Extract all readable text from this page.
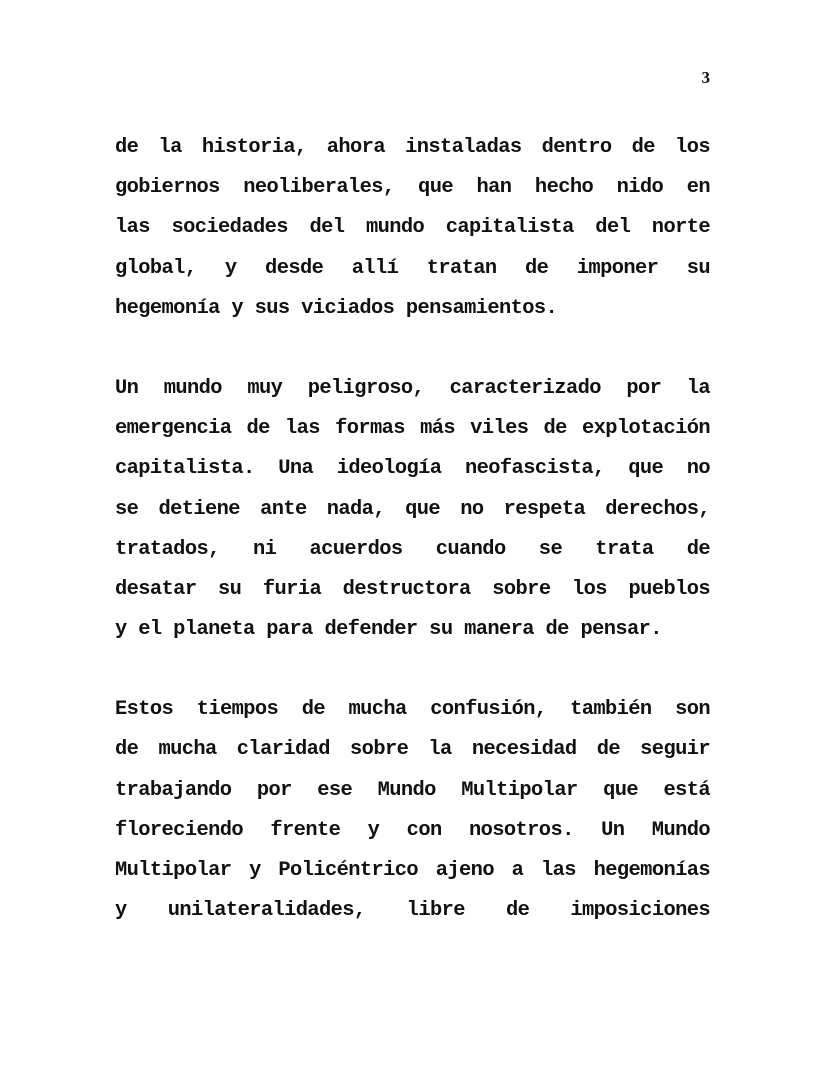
3

de la historia, ahora instaladas dentro de los
gobiernos neoliberales, que han hecho nido en
las sociedades del mundo capitalista del norte
global, y desde allí tratan de imponer su
hegemonía y sus viciados pensamientos.

Un mundo muy peligroso, caracterizado por la
emergencia de las formas más viles de explotación
capitalista. Una ideología neofascista, que no
se detiene ante nada, que no respeta derechos,
tratados, ni acuerdos cuando se trata de
desatar su furia destructora sobre los pueblos
y el planeta para defender su manera de pensar.

Estos tiempos de mucha confusión, también son
de mucha claridad sobre la necesidad de seguir
trabajando por ese Mundo Multipolar que está
floreciendo frente y con nosotros. Un Mundo
Multipolar y Policéntrico ajeno a las hegemonías
y unilateralidades, libre de imposiciones
